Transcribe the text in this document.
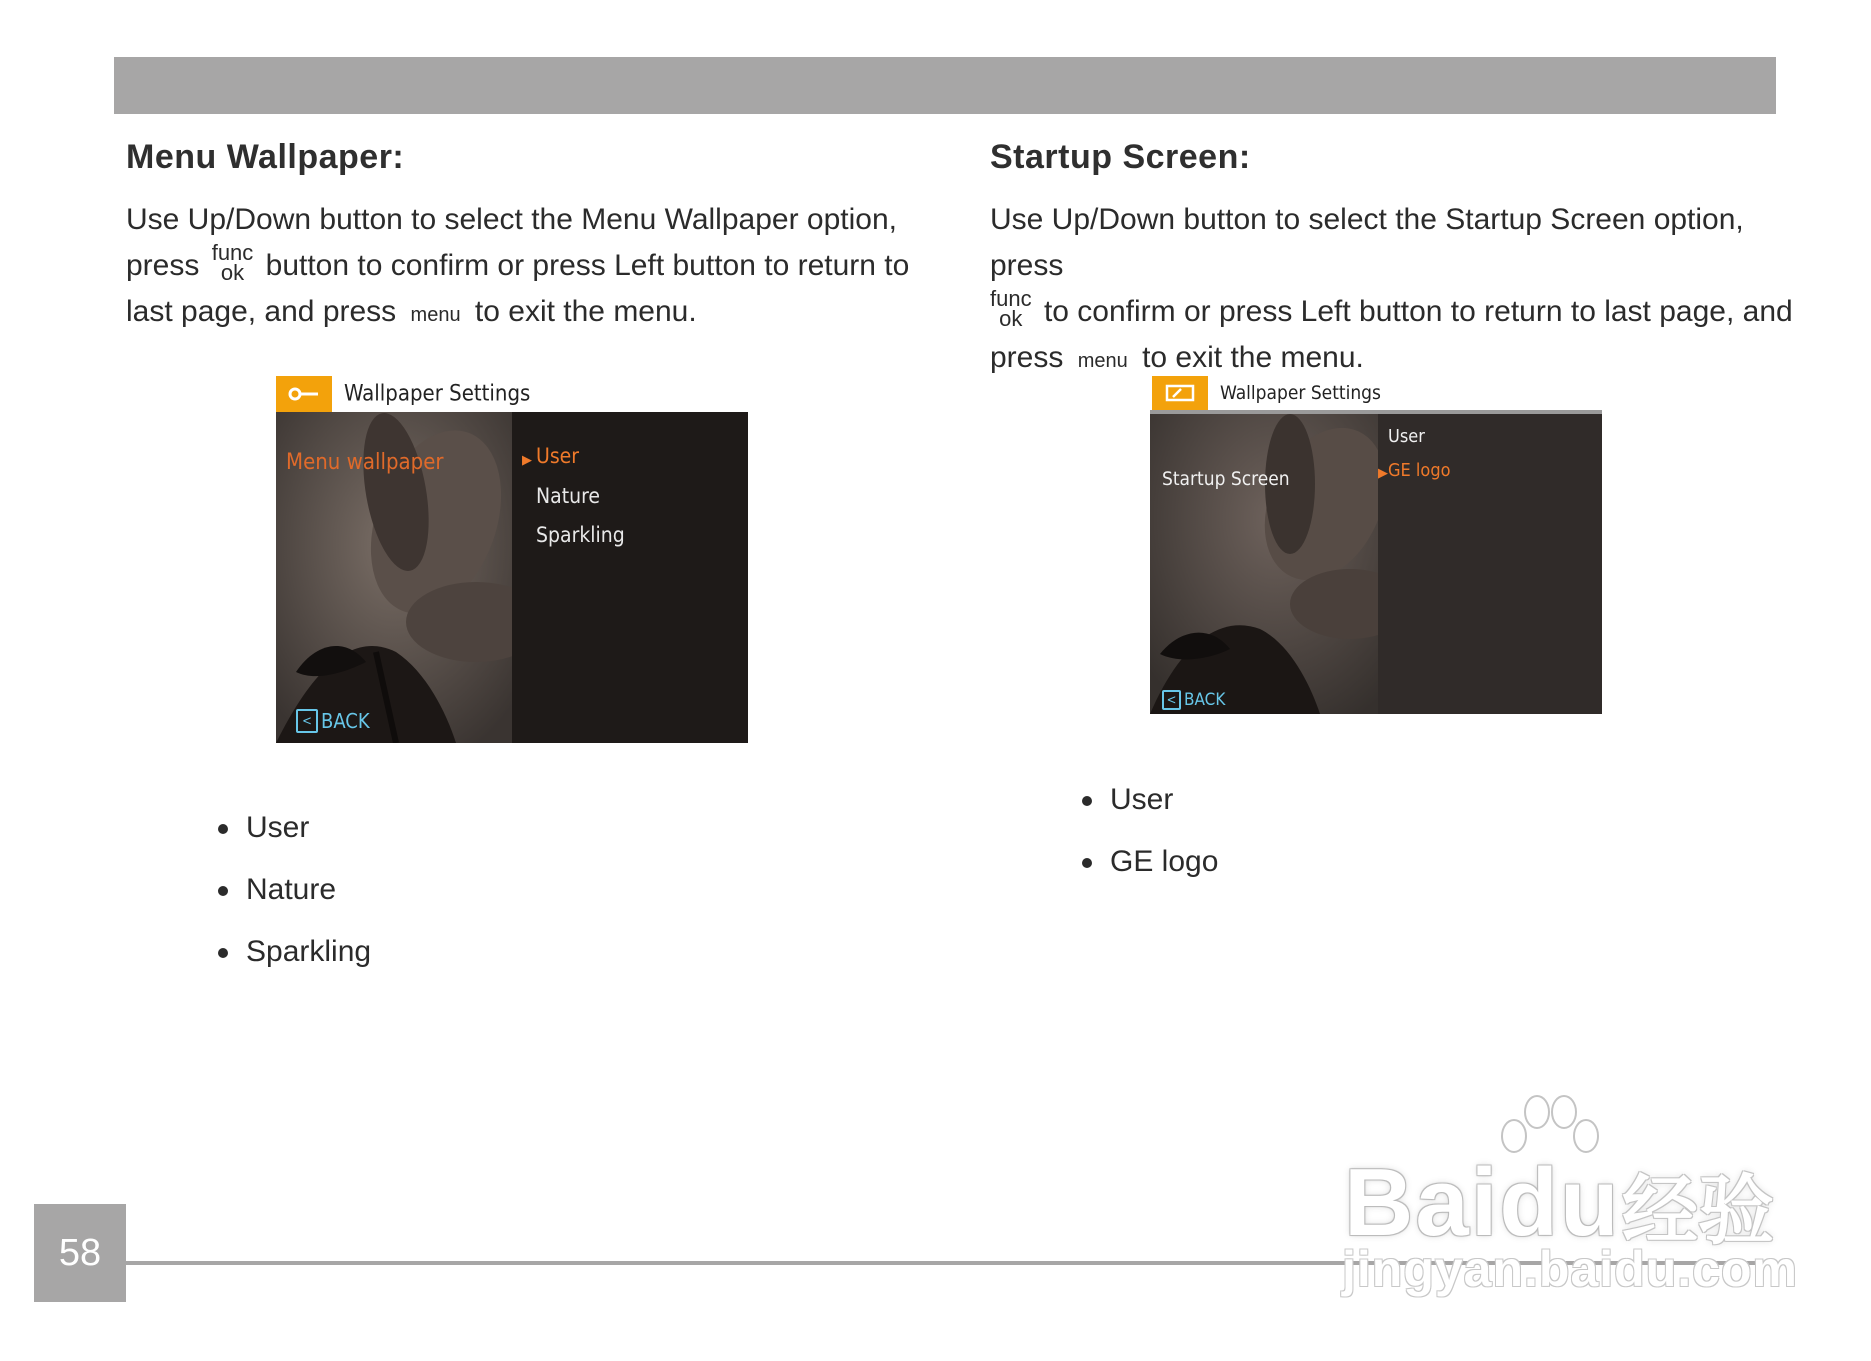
Menu Wallpaper:

Use Up/Down button to select the Menu Wallpaper option,
press func
ok button to confirm or press Left button to return to
last page, and press menu to exit the menu.

Wallpaper Settings
▶ User
Nature
Sparkling
Menu wallpaper
< BACK
User
Nature
Sparkling
Startup Screen:

Use Up/Down button to select the Startup Screen option, press

func
ok to confirm or press Left button to return to last page, and
press menu to exit the menu.

Wallpaper Settings
User
▶ GE logo
Startup Screen
< BACK
User
GE logo
58	Baidu 经验
jingyan.baidu.com
